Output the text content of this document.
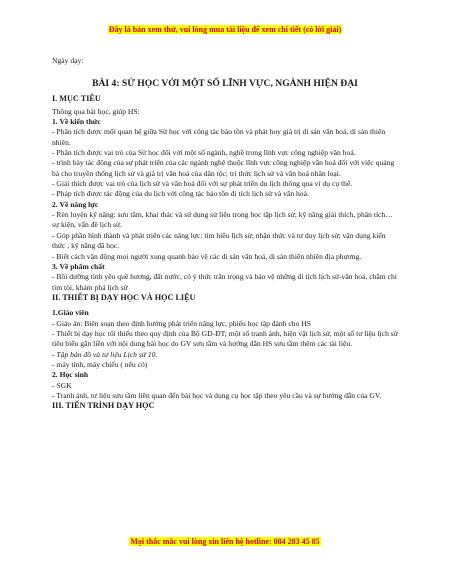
Đây là bản xem thử, vui lòng mua tài liệu để xem chi tiết (có lời giải)

Ngày dạy:

BÀI 4: SỬ HỌC VỚI MỘT SỐ LĨNH VỰC, NGÀNH HIỆN ĐẠI

I. MỤC TIÊU

Thông qua bài học, giúp HS:

1. Về kiến thức

- Phân tích được mối quan hệ giữa Sử học với công tác bảo tồn và phát huy giá trị di sản văn hoá, di sản thiên nhiên.

- Phân tích được vai trò của Sử học đối với một số ngành, nghề trong lĩnh vực công nghiệp văn hoá.

- trình bày tác động của sự phát triển của các ngành nghệ thuộc lĩnh vực công nghiệp văn hoá đối với việc quảng bá cho truyền thống lịch sử và giá trị văn hoá của dân tộc; tri thức lịch sử và văn hoá nhân loại.

- Giải thích được vai trò của lịch sử và văn hoá đối với sự phát triển du lịch thông qua ví dụ cụ thể.

- Pháp tích được tác động của du lịch với công tác bảo tồn di tích lịch sử và văn hoá.

2. Về năng lực

- Rèn luyện kỹ năng: sưu tầm, khai thác và sử dụng sử liệu trong học tập lịch sử; kỹ năng giải thích, phân tích… sự kiện, vấn đề lịch sử.

- Góp phần hình thành và phát triển các năng lực: tìm hiểu lịch sử; nhận thức và tư duy lịch sử; vận dụng kiến thức , kỹ năng đã học.

- Biết cách vận động mọi người xung quanh bảo vệ các di sản văn hoá, di sản thiên nhiên địa phương.

3. Về phẩm chất

- Bồi dưỡng tình yêu quê hương, đất nước, có ý thức trân trọng và bảo vệ những di tích lịch sử-văn hoá, chăm chỉ tìm tòi, khám phá lịch sử

II. THIẾT BỊ DẠY HỌC VÀ HỌC LIỆU

1.Giáo viên

- Giáo án: Biên soạn theo định hướng phát triển năng lực, phiếu học tập dành cho HS

- Thiết bị dạy học tối thiểu theo quy định của Bộ GD-ĐT; một số tranh ảnh, hiện vật lịch sử, một số tư liệu lịch sử tiêu biểu gắn liền với nội dung bài học do GV sưu tầm và hướng dẫn HS sưu tầm thêm các tài liệu.

- Tập bản đồ và tư liệu Lịch sử 10.

- máy tính, máy chiếu ( nếu có)

2. Học sinh

- SGK

- Tranh ảnh, tư liệu sưu tầm liên quan đến bài học và dụng cụ học tập theo yêu cầu và sự hướng dẫn của GV.

III. TIẾN TRÌNH DẠY HỌC

Mọi thắc mắc vui lòng xin liên hệ hotline: 084 283 45 85
